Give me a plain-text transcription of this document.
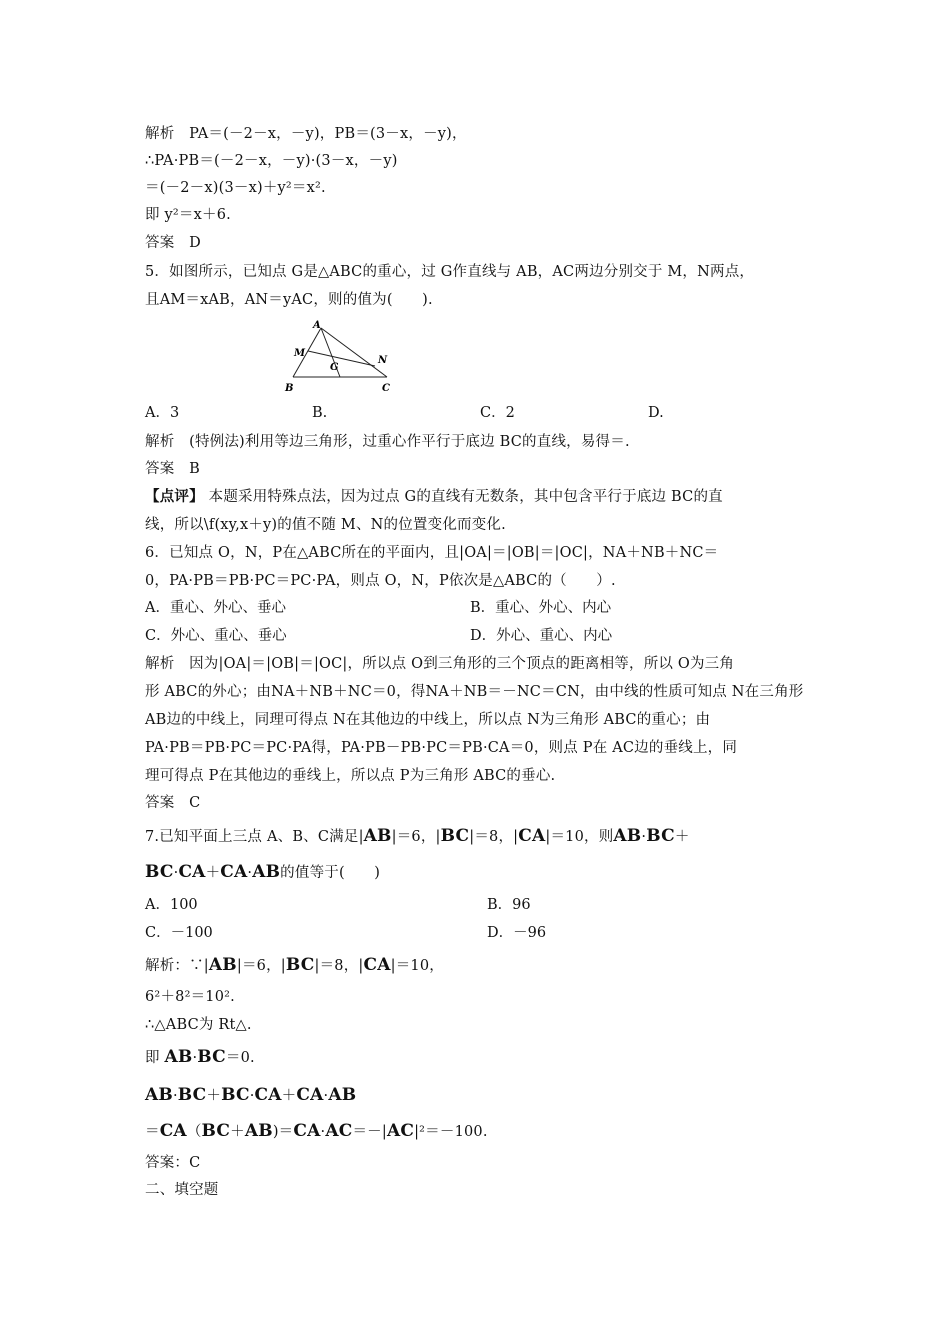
解析　PA＝(－2－x，－y)，PB＝(3－x，－y)，
∴PA·PB＝(－2－x，－y)·(3－x，－y)
＝(－2－x)(3－x)＋y²＝x².
即 y²＝x＋6.
答案　D
5．如图所示，已知点 G是△ABC的重心，过 G作直线与 AB，AC两边分别交于 M，N两点，
且AM＝xAB，AN＝yAC，则的值为(　　).
A
B	C
M
N
G
A．3	B.	C．2	D.
解析　(特例法)利用等边三角形，过重心作平行于底边 BC的直线，易得＝.
答案　B
【点评】 本题采用特殊点法，因为过点 G的直线有无数条，其中包含平行于底边 BC的直
线，所以\f(xy,x＋y)的值不随 M、N的位置变化而变化.
6．已知点 O，N，P在△ABC所在的平面内，且|OA|＝|OB|＝|OC|，NA＋NB＋NC＝
0，PA·PB＝PB·PC＝PC·PA，则点 O，N，P依次是△ABC的（　　）.
A．重心、外心、垂心	B．重心、外心、内心
C．外心、重心、垂心	D．外心、重心、内心
解析　因为|OA|＝|OB|＝|OC|，所以点 O到三角形的三个顶点的距离相等，所以 O为三角
形 ABC的外心；由NA＋NB＋NC＝0，得NA＋NB＝－NC＝CN，由中线的性质可知点 N在三角形
AB边的中线上，同理可得点 N在其他边的中线上，所以点 N为三角形 ABC的重心；由
PA·PB＝PB·PC＝PC·PA得，PA·PB－PB·PC＝PB·CA＝0，则点 P在 AC边的垂线上，同
理可得点 P在其他边的垂线上，所以点 P为三角形 ABC的垂心.
答案　C
7.已知平面上三点 A、B、C满足|AB|＝6，|BC|＝8，|CA|＝10，则AB·BC＋
BC·CA＋CA·AB的值等于(　　)
A．100	B．96
C．－100	D．－96
解析：∵|AB|＝6，|BC|＝8，|CA|＝10，
6²＋8²＝10².
∴△ABC为 Rt△.
即 AB·BC＝0.
AB·BC＋BC·CA＋CA·AB
＝CA（BC＋AB)＝CA·AC＝－|AC|²＝－100.
答案：C
二、填空题
